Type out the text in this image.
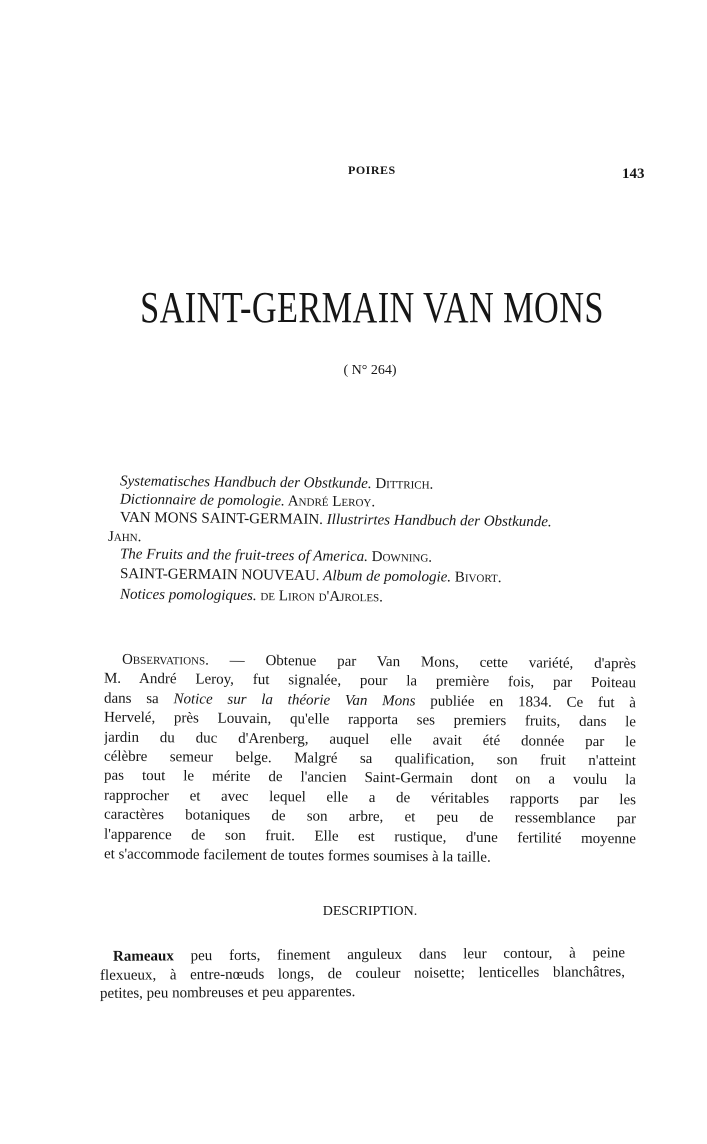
POIRES	143
SAINT-GERMAIN VAN MONS
( N° 264)
Systematisches Handbuch der Obstkunde. Dittrich.
Dictionnaire de pomologie. André Leroy.
VAN MONS SAINT-GERMAIN. Illustrirtes Handbuch der Obstkunde.
Jahn.
The Fruits and the fruit-trees of America. Downing.
SAINT-GERMAIN NOUVEAU. Album de pomologie. Bivort.
Notices pomologiques. de Liron d'Ajroles.
Observations. — Obtenue par Van Mons, cette variété, d'après
M. André Leroy, fut signalée, pour la première fois, par Poiteau
dans sa Notice sur la théorie Van Mons publiée en 1834. Ce fut à
Hervelé, près Louvain, qu'elle rapporta ses premiers fruits, dans le
jardin du duc d'Arenberg, auquel elle avait été donnée par le
célèbre semeur belge. Malgré sa qualification, son fruit n'atteint
pas tout le mérite de l'ancien Saint-Germain dont on a voulu la
rapprocher et avec lequel elle a de véritables rapports par les
caractères botaniques de son arbre, et peu de ressemblance par
l'apparence de son fruit. Elle est rustique, d'une fertilité moyenne
et s'accommode facilement de toutes formes soumises à la taille.
DESCRIPTION.
Rameaux peu forts, finement anguleux dans leur contour, à peine
flexueux, à entre-nœuds longs, de couleur noisette; lenticelles blanchâtres,
petites, peu nombreuses et peu apparentes.
